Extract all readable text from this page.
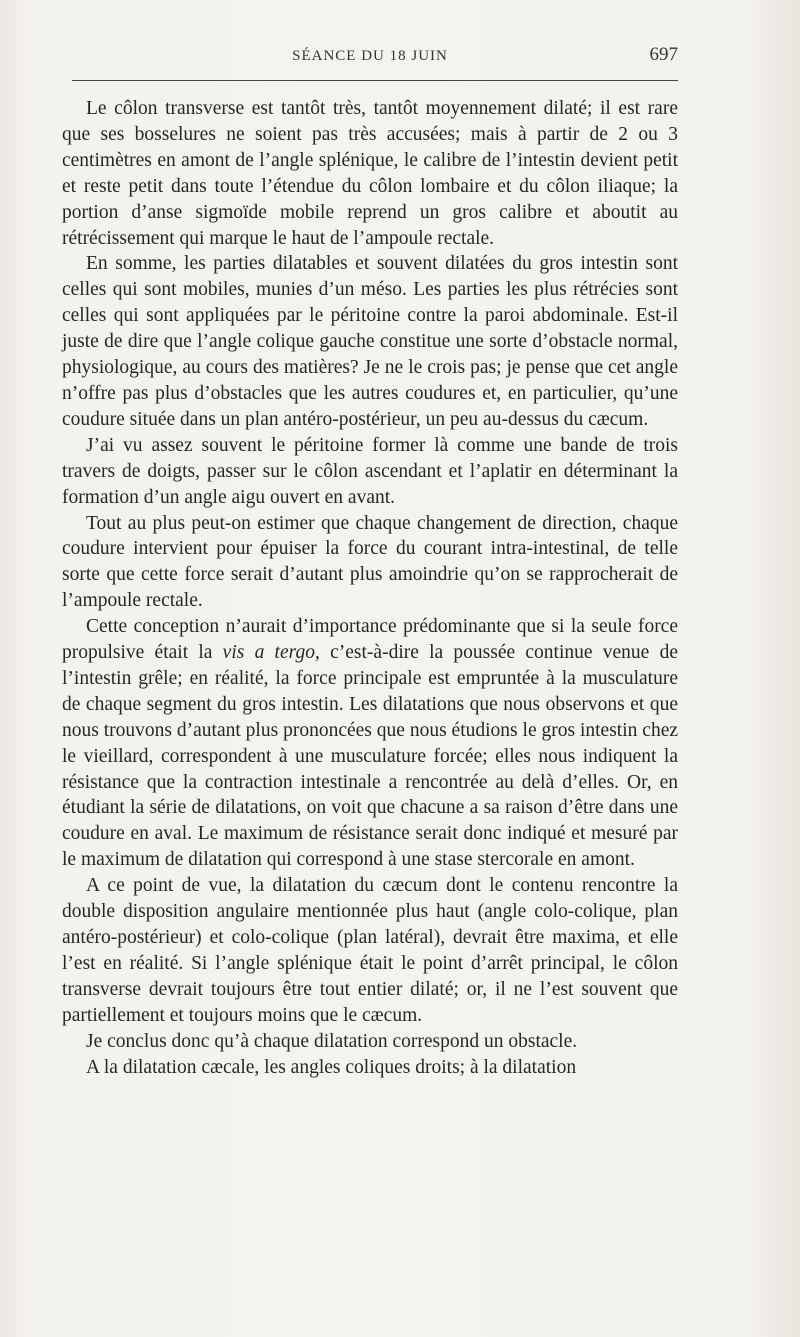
SÉANCE DU 18 JUIN	697

Le côlon transverse est tantôt très, tantôt moyennement dilaté; il est rare que ses bosselures ne soient pas très accusées; mais à partir de 2 ou 3 centimètres en amont de l’angle splénique, le calibre de l’intestin devient petit et reste petit dans toute l’étendue du côlon lombaire et du côlon iliaque; la portion d’anse sigmoïde mobile reprend un gros calibre et aboutit au rétrécissement qui marque le haut de l’ampoule rectale.

En somme, les parties dilatables et souvent dilatées du gros intestin sont celles qui sont mobiles, munies d’un méso. Les parties les plus rétrécies sont celles qui sont appliquées par le péritoine contre la paroi abdominale. Est-il juste de dire que l’angle colique gauche constitue une sorte d’obstacle normal, physiologique, au cours des matières? Je ne le crois pas; je pense que cet angle n’offre pas plus d’obstacles que les autres coudures et, en particulier, qu’une coudure située dans un plan antéro-postérieur, un peu au-dessus du cæcum.

J’ai vu assez souvent le péritoine former là comme une bande de trois travers de doigts, passer sur le côlon ascendant et l’aplatir en déterminant la formation d’un angle aigu ouvert en avant.

Tout au plus peut-on estimer que chaque changement de direction, chaque coudure intervient pour épuiser la force du courant intra-intestinal, de telle sorte que cette force serait d’autant plus amoindrie qu’on se rapprocherait de l’ampoule rectale.

Cette conception n’aurait d’importance prédominante que si la seule force propulsive était la vis a tergo, c’est-à-dire la poussée continue venue de l’intestin grêle; en réalité, la force principale est empruntée à la musculature de chaque segment du gros intestin. Les dilatations que nous observons et que nous trouvons d’autant plus prononcées que nous étudions le gros intestin chez le vieillard, correspondent à une musculature forcée; elles nous indiquent la résistance que la contraction intestinale a rencontrée au delà d’elles. Or, en étudiant la série de dilatations, on voit que chacune a sa raison d’être dans une coudure en aval. Le maximum de résistance serait donc indiqué et mesuré par le maximum de dilatation qui correspond à une stase stercorale en amont.

A ce point de vue, la dilatation du cæcum dont le contenu rencontre la double disposition angulaire mentionnée plus haut (angle colo-colique, plan antéro-postérieur) et colo-colique (plan latéral), devrait être maxima, et elle l’est en réalité. Si l’angle splénique était le point d’arrêt principal, le côlon transverse devrait toujours être tout entier dilaté; or, il ne l’est souvent que partiellement et toujours moins que le cæcum.

Je conclus donc qu’à chaque dilatation correspond un obstacle.

A la dilatation cæcale, les angles coliques droits; à la dilatation
